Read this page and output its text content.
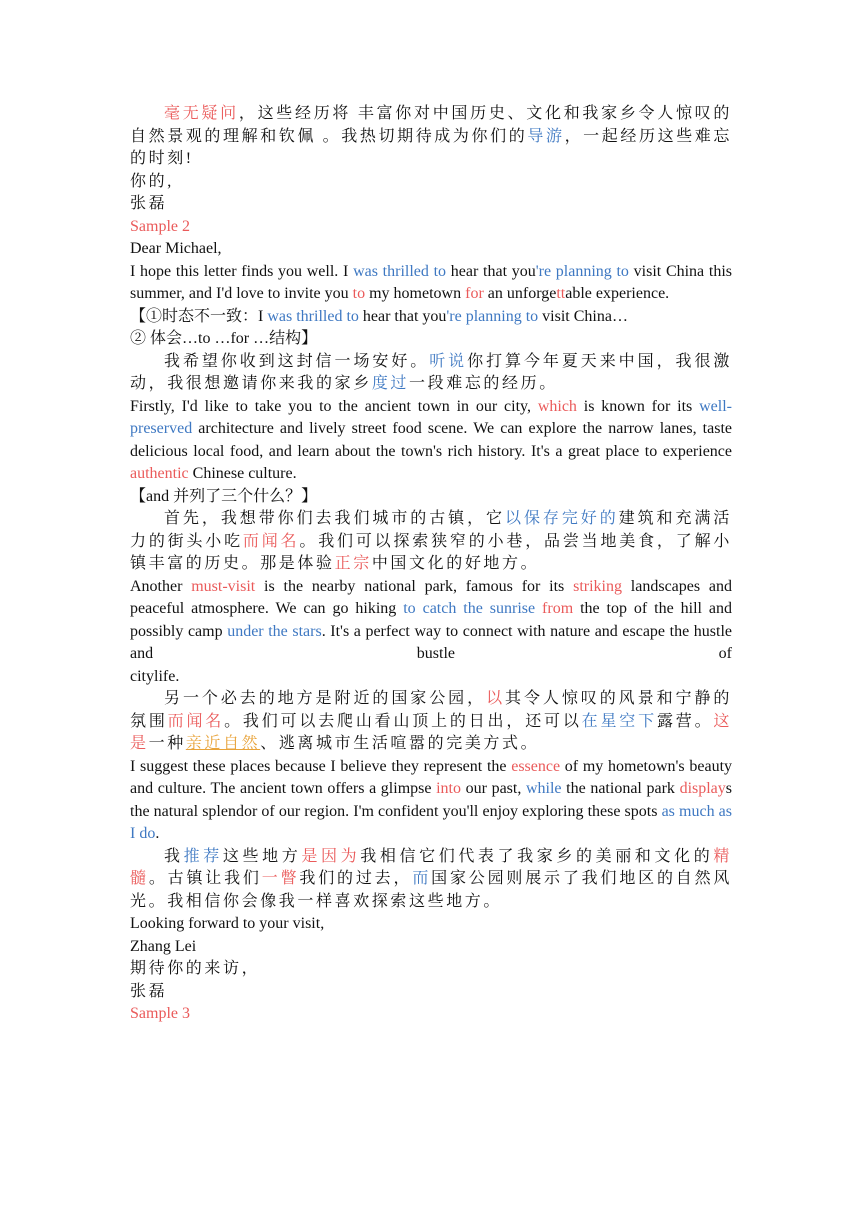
毫无疑问，这些经历将 丰富你对中国历史、文化和我家乡令人惊叹的自然景观的理解和钦佩 。我热切期待成为你们的导游，一起经历这些难忘的时刻!

你的,

张磊

Sample 2

Dear Michael,

I hope this letter finds you well. I was thrilled to hear that you're planning to visit China this summer, and I'd love to invite you to my hometown for an unforgettable experience.

【①时态不一致：I was thrilled to hear that you're planning to visit China…

② 体会…to …for …结构】

我希望你收到这封信一场安好。听说你打算今年夏天来中国，我很激动，我很想邀请你来我的家乡度过一段难忘的经历。

Firstly, I'd like to take you to the ancient town in our city, which is known for its well-preserved architecture and lively street food scene. We can explore the narrow lanes, taste delicious local food, and learn about the town's rich history. It's a great place to experience authentic Chinese culture.

【and 并列了三个什么？】

首先，我想带你们去我们城市的古镇，它以保存完好的建筑和充满活力的街头小吃而闻名。我们可以探索狭窄的小巷，品尝当地美食，了解小镇丰富的历史。那是体验正宗中国文化的好地方。

Another must-visit is the nearby national park, famous for its striking landscapes and peaceful atmosphere. We can go hiking to catch the sunrise from the top of the hill and possibly camp under the stars. It's a perfect way to connect with nature and escape the hustle and bustle of

citylife.

另一个必去的地方是附近的国家公园，以其令人惊叹的风景和宁静的氛围而闻名。我们可以去爬山看山顶上的日出，还可以在星空下露营。这是一种亲近自然、逃离城市生活喧嚣的完美方式。

I suggest these places because I believe they represent the essence of my hometown's beauty and culture. The ancient town offers a glimpse into our past, while the national park displays the natural splendor of our region. I'm confident you'll enjoy exploring these spots as much as I do.

我推荐这些地方是因为我相信它们代表了我家乡的美丽和文化的精髓。古镇让我们一瞥我们的过去，而国家公园则展示了我们地区的自然风光。我相信你会像我一样喜欢探索这些地方。

Looking forward to your visit,

Zhang Lei

期待你的来访，

张磊

Sample 3
